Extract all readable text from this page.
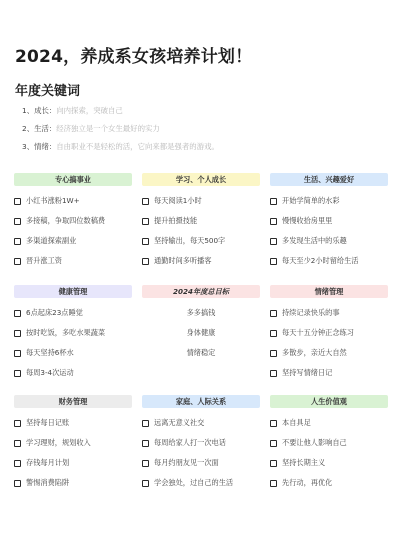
2024，养成系女孩培养计划！
年度关键词
1、成长：向内探索，突破自己
2、生活：经济独立是一个女生最好的实力
3、情绪：自由职业不是轻松的活，它向来都是强者的游戏。
专心搞事业
小红书涨粉1W+
多接稿，争取四位数稿费
多渠道探索副业
晋升涨工资
学习、个人成长
每天阅读1小时
提升拍摄技能
坚持输出，每天500字
通勤时间多听播客
生活、兴趣爱好
开始学简单的水彩
慢慢收拾房里里
多发现生活中的乐趣
每天至少2小时留给生活
健康管理
6点起床23点睡觉
按时吃饭，多吃水果蔬菜
每天坚持6杯水
每周3-4次运动
2024年度总目标
多多搞钱
身体健康
情绪稳定
情绪管理
持续记录快乐的事
每天十五分钟正念练习
多散步，亲近大自然
坚持写情绪日记
财务管理
坚持每日记账
学习理财，规划收入
存钱每月计划
警惕消费陷阱
家庭、人际关系
远离无意义社交
每周给家人打一次电话
每月约朋友见一次面
学会独处，过自己的生活
人生价值观
本自具足
不要让他人影响自己
坚持长期主义
先行动，再优化
